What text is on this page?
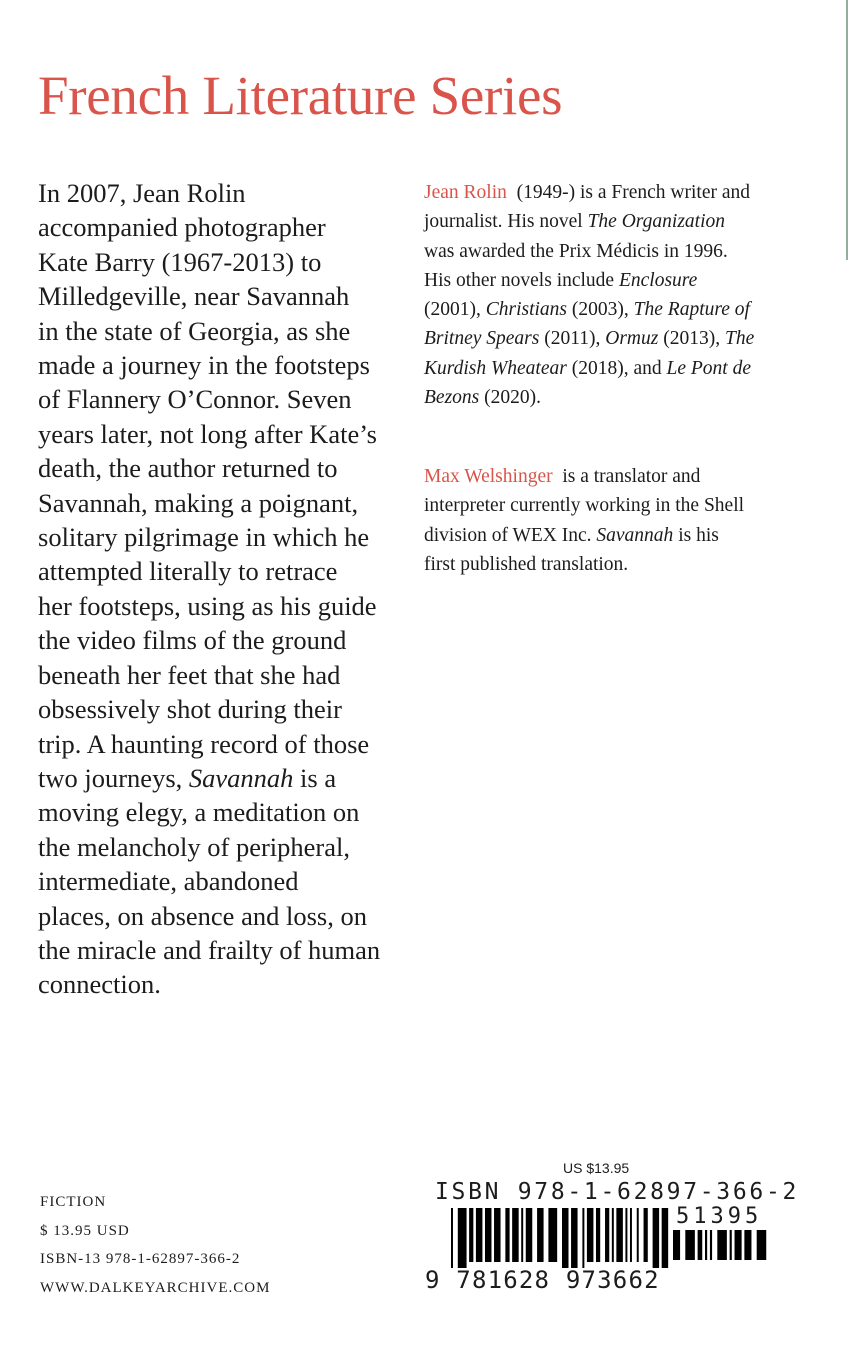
French Literature Series

In 2007, Jean Rolin
accompanied photographer
Kate Barry (1967-2013) to
Milledgeville, near Savannah
in the state of Georgia, as she
made a journey in the footsteps
of Flannery O’Connor. Seven
years later, not long after Kate’s
death, the author returned to
Savannah, making a poignant,
solitary pilgrimage in which he
attempted literally to retrace
her footsteps, using as his guide
the video films of the ground
beneath her feet that she had
obsessively shot during their
trip. A haunting record of those
two journeys, Savannah is a
moving elegy, a meditation on
the melancholy of peripheral,
intermediate, abandoned
places, on absence and loss, on
the miracle and frailty of human
connection.

Jean Rolin  (1949-) is a French writer and
journalist. His novel The Organization
was awarded the Prix Médicis in 1996.
His other novels include Enclosure
(2001), Christians (2003), The Rapture of
Britney Spears (2011), Ormuz (2013), The
Kurdish Wheatear (2018), and Le Pont de
Bezons (2020).
Max Welshinger  is a translator and
interpreter currently working in the Shell
division of WEX Inc. Savannah is his
first published translation.
FICTION
$ 13.95 USD
ISBN-13 978-1-62897-366-2
WWW.DALKEYARCHIVE.COM
US $13.95
ISBN 978-1-62897-366-2
51395
9 781628 973662
